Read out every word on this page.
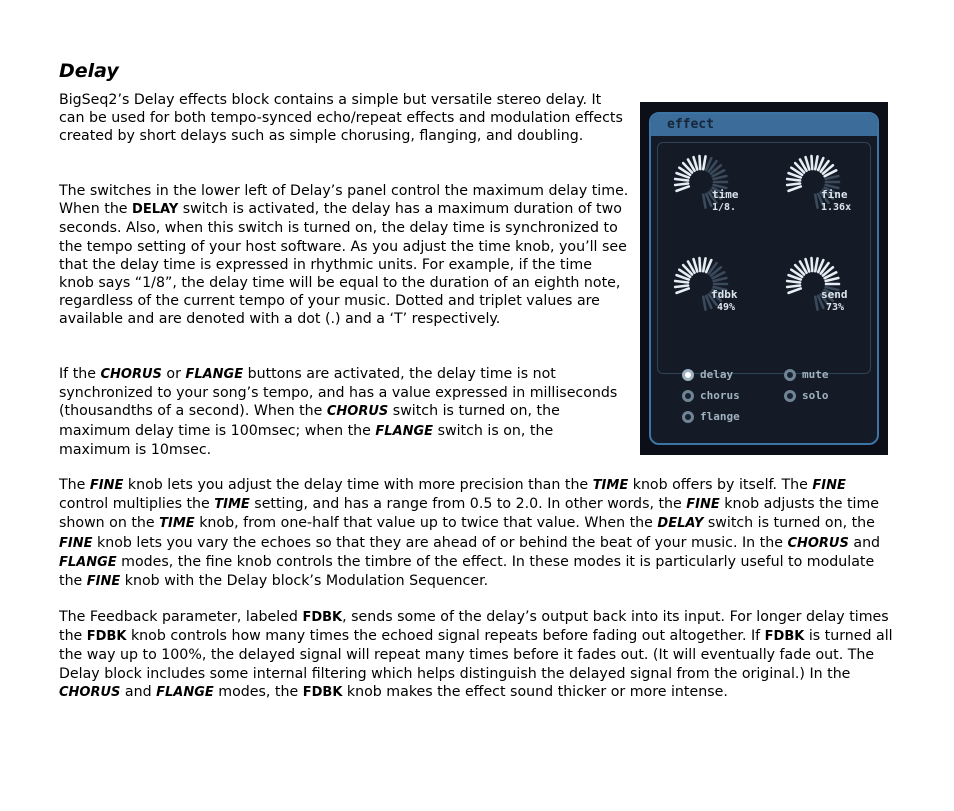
Delay
BigSeq2’s Delay effects block contains a simple but versatile stereo delay. It can be used for both tempo-synced echo/repeat effects and modulation effects created by short delays such as simple chorusing, flanging, and doubling.
The switches in the lower left of Delay’s panel control the maximum delay time. When the DELAY switch is activated, the delay has a maximum duration of two seconds. Also, when this switch is turned on, the delay time is synchronized to the tempo setting of your host software. As you adjust the time knob, you’ll see that the delay time is expressed in rhythmic units. For example, if the time knob says “1/8”, the delay time will be equal to the duration of an eighth note, regardless of the current tempo of your music. Dotted and triplet values are available and are denoted with a dot (.) and a ‘T’ respectively.
If the CHORUS or FLANGE buttons are activated, the delay time is not synchronized to your song’s tempo, and has a value expressed in milliseconds (thousandths of a second). When the CHORUS switch is turned on, the maximum delay time is 100msec; when the FLANGE switch is on, the maximum is 10msec.
The FINE knob lets you adjust the delay time with more precision than the TIME knob offers by itself. The FINE control multiplies the TIME setting, and has a range from 0.5 to 2.0. In other words, the FINE knob adjusts the time shown on the TIME knob, from one-half that value up to twice that value. When the DELAY switch is turned on, the FINE knob lets you vary the echoes so that they are ahead of or behind the beat of your music. In the CHORUS and FLANGE modes, the fine knob controls the timbre of the effect. In these modes it is particularly useful to modulate the FINE knob with the Delay block’s Modulation Sequencer.
The Feedback parameter, labeled FDBK, sends some of the delay’s output back into its input. For longer delay times the FDBK knob controls how many times the echoed signal repeats before fading out altogether. If FDBK is turned all the way up to 100%, the delayed signal will repeat many times before it fades out. (It will eventually fade out. The Delay block includes some internal filtering which helps distinguish the delayed signal from the original.) In the CHORUS and FLANGE modes, the FDBK knob makes the effect sound thicker or more intense.
effect
time
1/8.
fine
1.36x
fdbk
49%
send
73%
delay
chorus
flange
mute
solo
